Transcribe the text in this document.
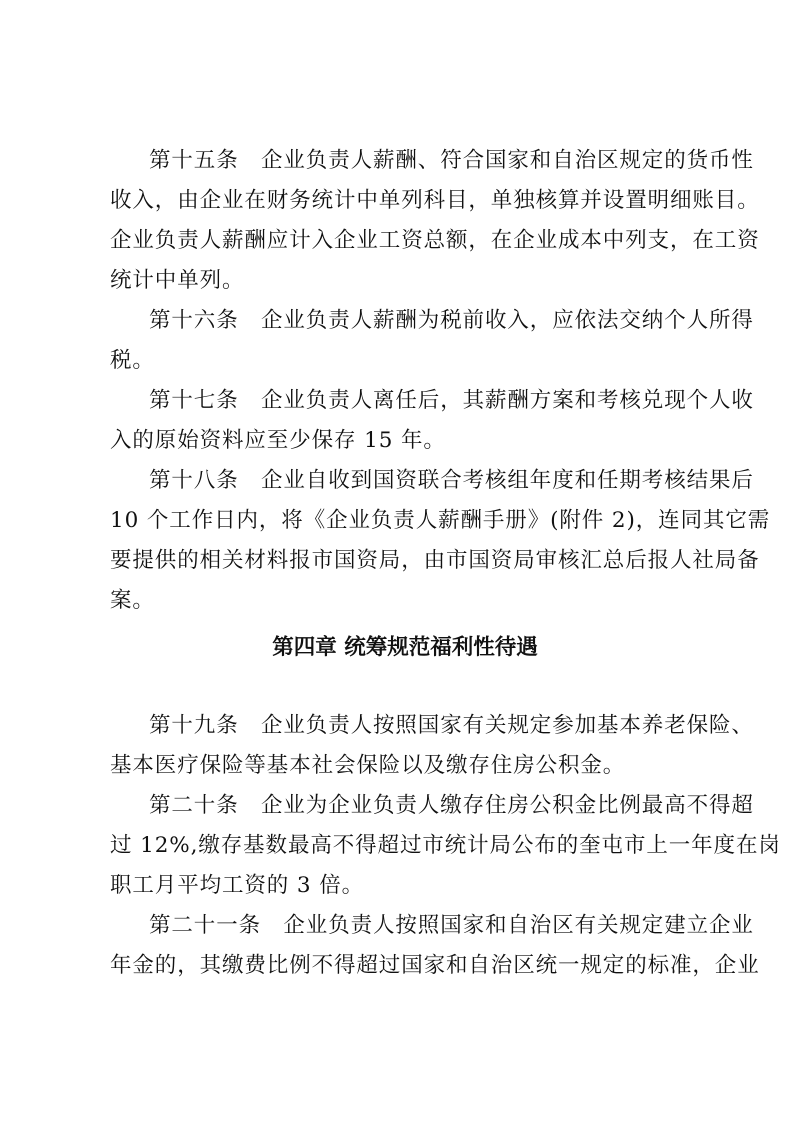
第十五条　企业负责人薪酬、符合国家和自治区规定的货币性
收入，由企业在财务统计中单列科目，单独核算并设置明细账目。
企业负责人薪酬应计入企业工资总额，在企业成本中列支，在工资
统计中单列。
第十六条　企业负责人薪酬为税前收入，应依法交纳个人所得
税。
第十七条　企业负责人离任后，其薪酬方案和考核兑现个人收
入的原始资料应至少保存 15 年。
第十八条　企业自收到国资联合考核组年度和任期考核结果后
10 个工作日内，将《企业负责人薪酬手册》(附件 2)，连同其它需
要提供的相关材料报市国资局，由市国资局审核汇总后报人社局备
案。
第四章 统筹规范福利性待遇
第十九条　企业负责人按照国家有关规定参加基本养老保险、
基本医疗保险等基本社会保险以及缴存住房公积金。
第二十条　企业为企业负责人缴存住房公积金比例最高不得超
过 12%,缴存基数最高不得超过市统计局公布的奎屯市上一年度在岗
职工月平均工资的 3 倍。
第二十一条　企业负责人按照国家和自治区有关规定建立企业
年金的，其缴费比例不得超过国家和自治区统一规定的标准，企业
